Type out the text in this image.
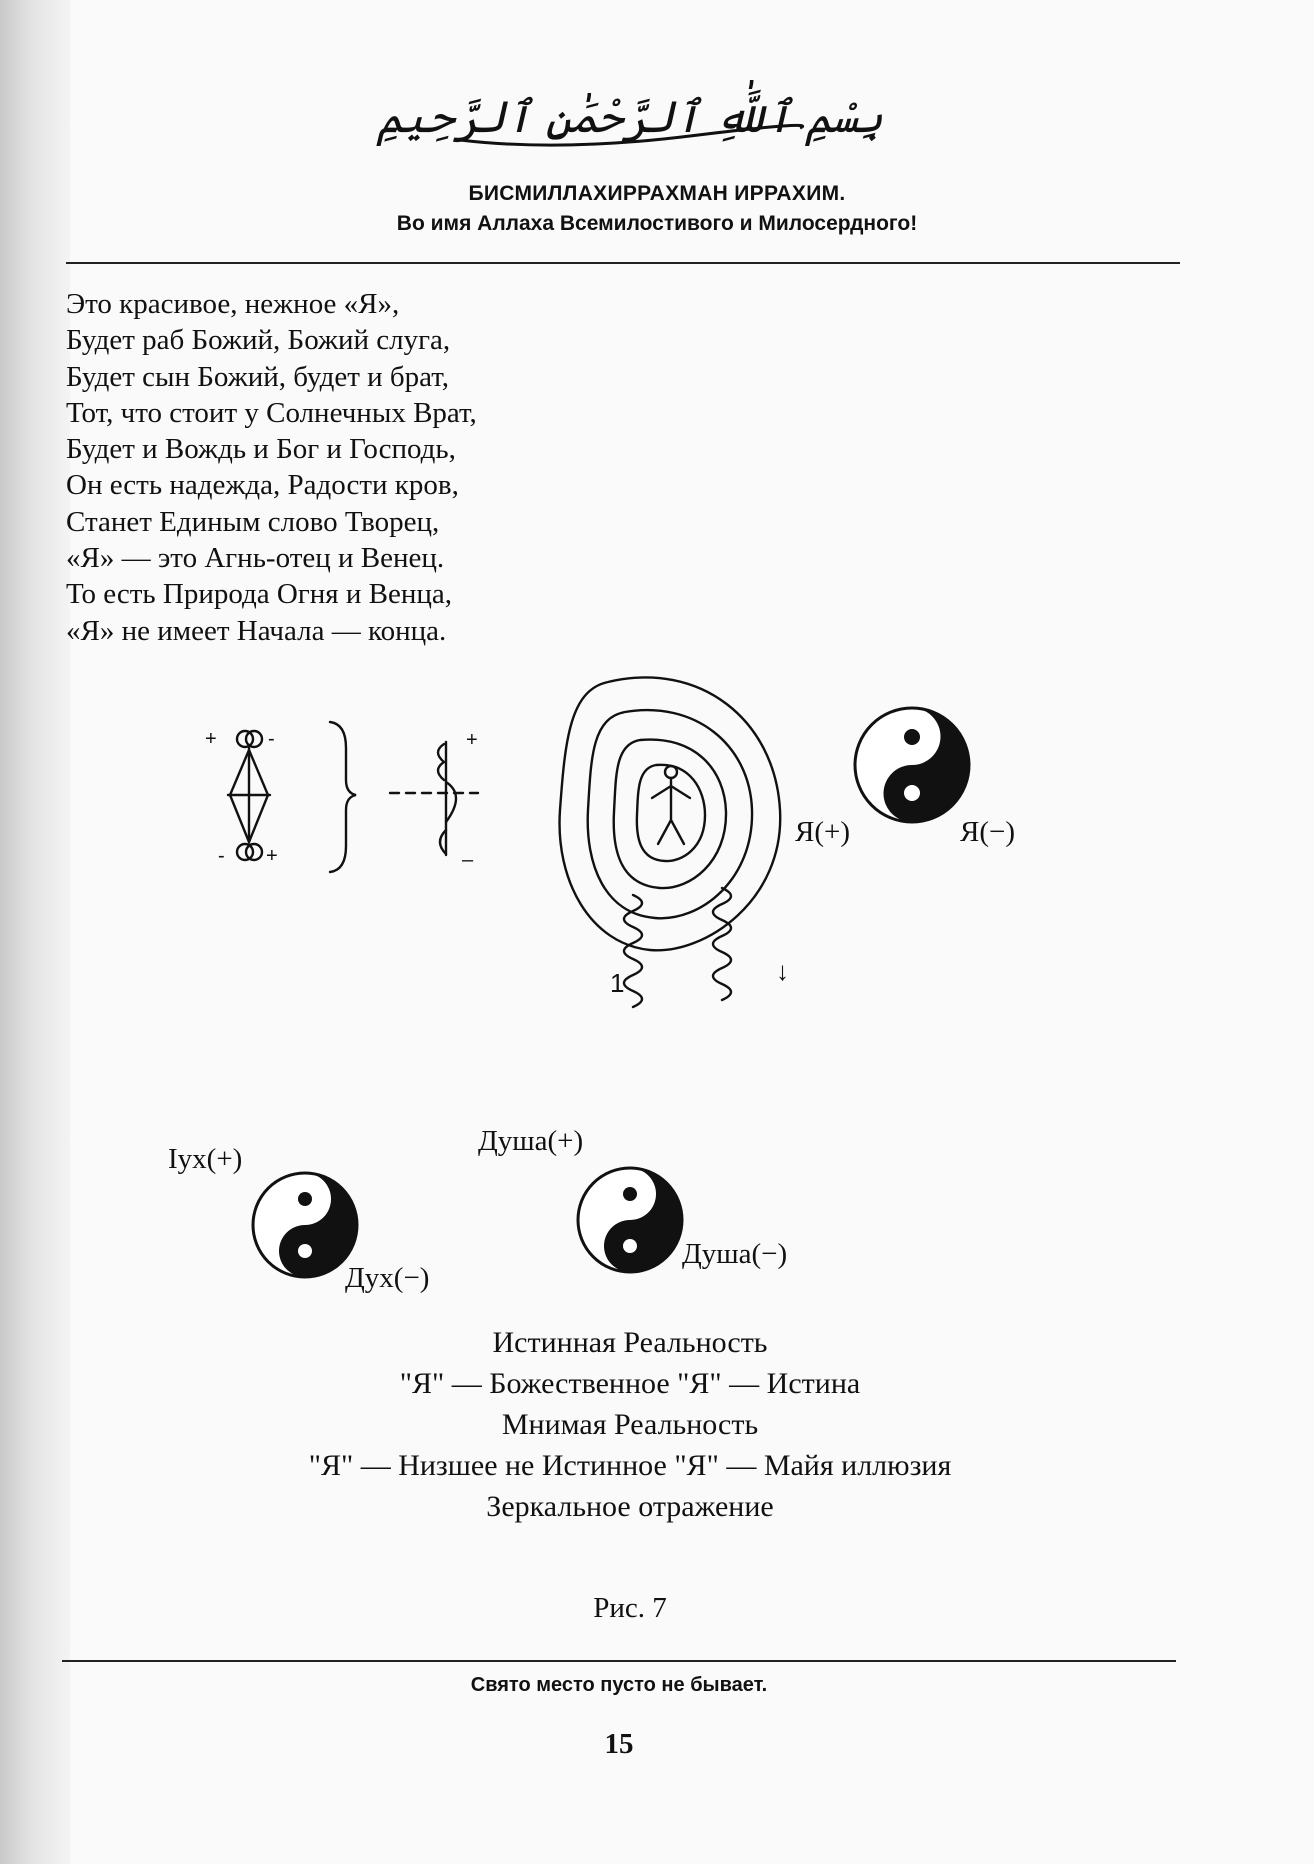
بِسْمِ ٱللَّٰهِ ٱلرَّحْمَٰنِ ٱلرَّحِيمِ
БИСМИЛЛАХИРРАХМАН ИРРАХИМ.
Во имя Аллаха Всемилостивого и Милосердного!
Это красивое, нежное «Я»,
Будет раб Божий, Божий слуга,
Будет сын Божий, будет и брат,
Тот, что стоит у Солнечных Врат,
Будет и Вождь и Бог и Господь,
Он есть надежда, Радости кров,
Станет Единым слово Творец,
«Я» — это Агнь-отец и Венец.
То есть Природа Огня и Венца,
«Я» не имеет Начала — конца.
+	-
- +
+
–
1	↓
Я(+)	Я(−)
Iух(+)
Дух(−)
Душа(+)
Душа(−)
Истинная Реальность
"Я" — Божественное "Я" — Истина
Мнимая Реальность
"Я" — Низшее не Истинное "Я" — Майя иллюзия
Зеркальное отражение
Рис. 7
Свято место пусто не бывает.
15
